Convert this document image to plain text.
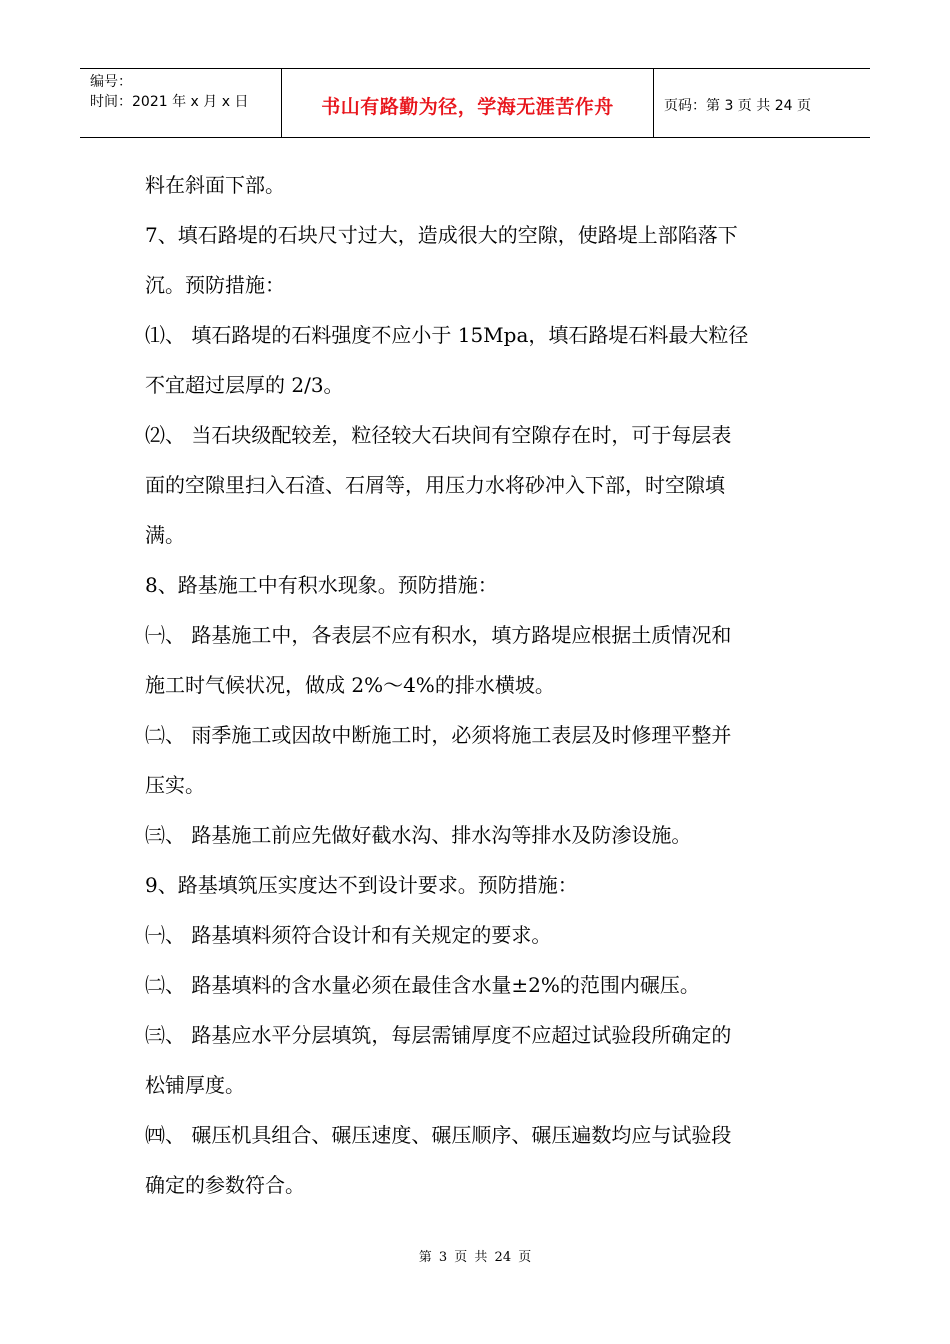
编号：
时间：2021 年 x 月 x 日	书山有路勤为径，学海无涯苦作舟	页码：第 3 页 共 24 页
料在斜面下部。
7、填石路堤的石块尺寸过大，造成很大的空隙，使路堤上部陷落下
沉。预防措施：
⑴、 填石路堤的石料强度不应小于 15Mpa，填石路堤石料最大粒径
不宜超过层厚的 2/3。
⑵、 当石块级配较差，粒径较大石块间有空隙存在时，可于每层表
面的空隙里扫入石渣、石屑等，用压力水将砂冲入下部，时空隙填
满。
8、路基施工中有积水现象。预防措施：
㈠、 路基施工中，各表层不应有积水，填方路堤应根据土质情况和
施工时气候状况，做成 2%～4%的排水横坡。
㈡、 雨季施工或因故中断施工时，必须将施工表层及时修理平整并
压实。
㈢、 路基施工前应先做好截水沟、排水沟等排水及防渗设施。
9、路基填筑压实度达不到设计要求。预防措施：
㈠、 路基填料须符合设计和有关规定的要求。
㈡、 路基填料的含水量必须在最佳含水量±2%的范围内碾压。
㈢、 路基应水平分层填筑，每层需铺厚度不应超过试验段所确定的
松铺厚度。
㈣、 碾压机具组合、碾压速度、碾压顺序、碾压遍数均应与试验段
确定的参数符合。
第 3 页 共 24 页
